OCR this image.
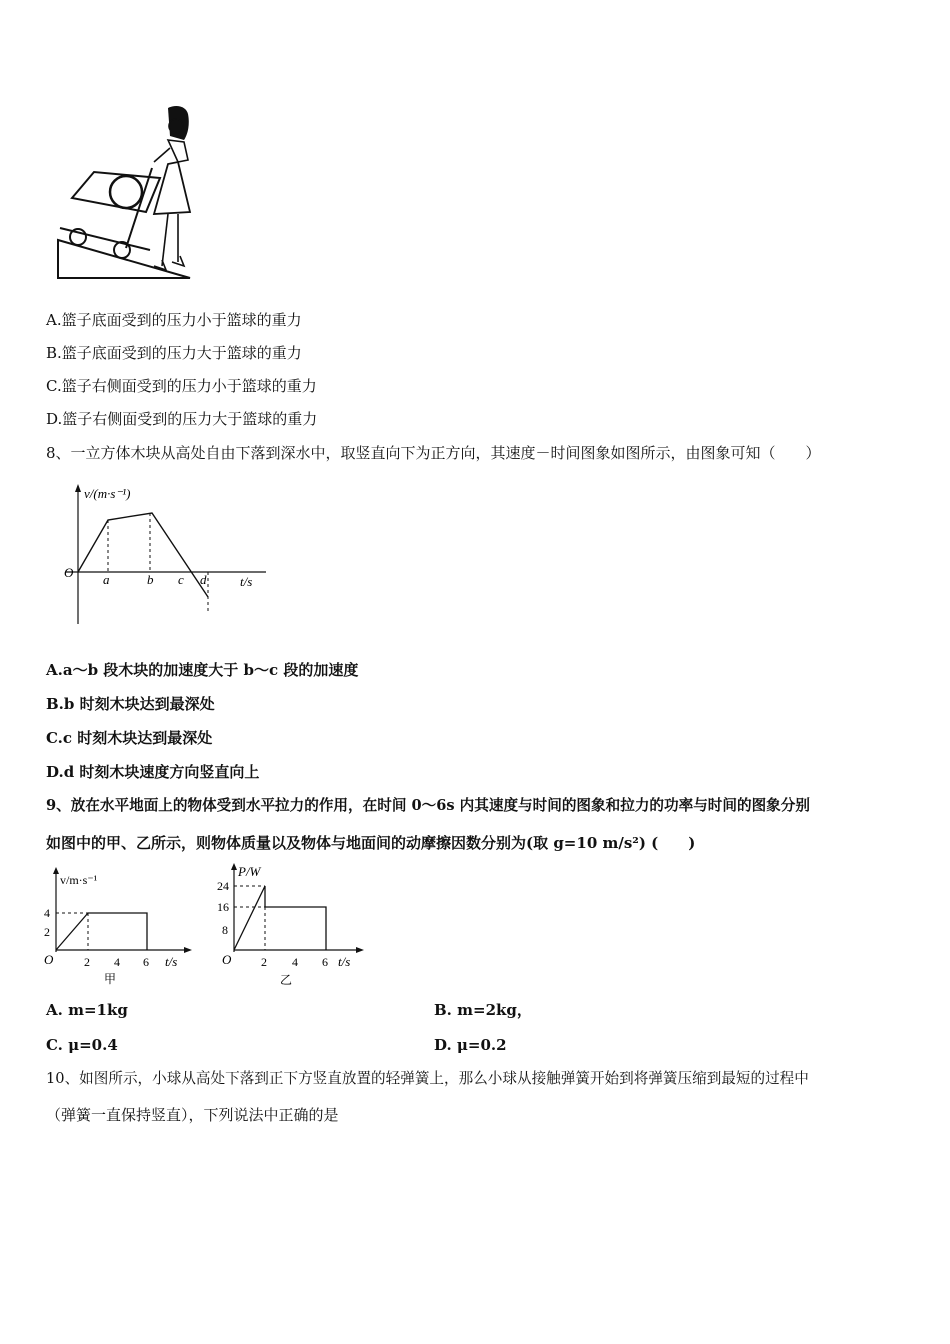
A.篮子底面受到的压力小于篮球的重力
B.篮子底面受到的压力大于篮球的重力
C.篮子右侧面受到的压力小于篮球的重力
D.篮子右侧面受到的压力大于篮球的重力
8、一立方体木块从高处自由下落到深水中，取竖直向下为正方向，其速度－时间图象如图所示，由图象可知（　　）
O
v/(m·s⁻¹)
t/s
a	b c d
A.a～b 段木块的加速度大于 b～c 段的加速度
B.b 时刻木块达到最深处
C.c 时刻木块达到最深处
D.d 时刻木块速度方向竖直向上
9、放在水平地面上的物体受到水平拉力的作用，在时间 0～6s 内其速度与时间的图象和拉力的功率与时间的图象分别
如图中的甲、乙所示，则物体质量以及物体与地面间的动摩擦因数分别为(取 g=10 m/s²) (　　)
v/m·s⁻¹
4
2
O	2 4 6 t/s
甲
P/W
24
16
8
O 2 4 6 t/s
乙
A. m=1kg	B. m=2kg，
C. μ=0.4	D. μ=0.2
10、如图所示，小球从高处下落到正下方竖直放置的轻弹簧上，那么小球从接触弹簧开始到将弹簧压缩到最短的过程中
（弹簧一直保持竖直），下列说法中正确的是
